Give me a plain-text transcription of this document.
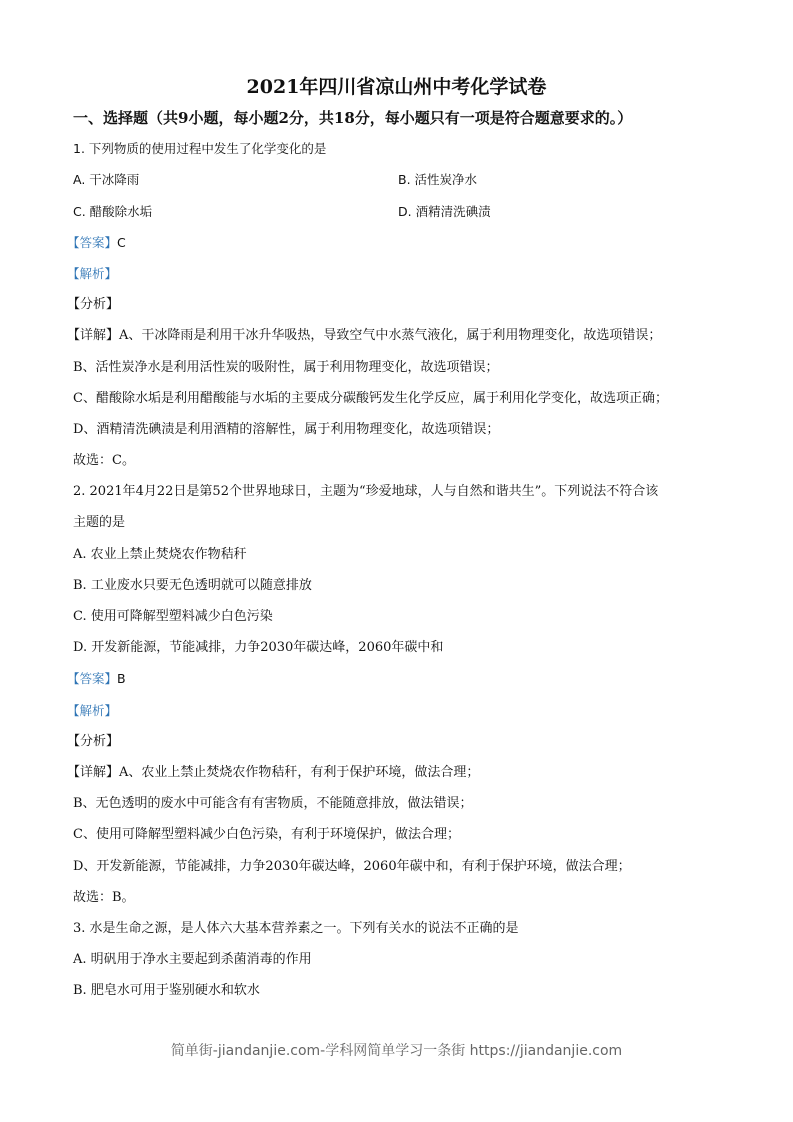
2021年四川省凉山州中考化学试卷
一、选择题（共9小题，每小题2分，共18分，每小题只有一项是符合题意要求的。）
1. 下列物质的使用过程中发生了化学变化的是
A. 干冰降雨	B. 活性炭净水
C. 醋酸除水垢	D. 酒精清洗碘渍
【答案】C
【解析】
【分析】
【详解】A、干冰降雨是利用干冰升华吸热，导致空气中水蒸气液化，属于利用物理变化，故选项错误；
B、活性炭净水是利用活性炭的吸附性，属于利用物理变化，故选项错误；
C、醋酸除水垢是利用醋酸能与水垢的主要成分碳酸钙发生化学反应，属于利用化学变化，故选项正确；
D、酒精清洗碘渍是利用酒精的溶解性，属于利用物理变化，故选项错误；
故选：C。
2. 2021年4月22日是第52个世界地球日，主题为“珍爱地球，人与自然和谐共生”。下列说法不符合该
主题的是
A. 农业上禁止焚烧农作物秸秆
B. 工业废水只要无色透明就可以随意排放
C. 使用可降解型塑料减少白色污染
D. 开发新能源，节能减排，力争2030年碳达峰，2060年碳中和
【答案】B
【解析】
【分析】
【详解】A、农业上禁止焚烧农作物秸秆，有利于保护环境，做法合理；
B、无色透明的废水中可能含有有害物质，不能随意排放，做法错误；
C、使用可降解型塑料减少白色污染，有利于环境保护，做法合理；
D、开发新能源，节能减排，力争2030年碳达峰，2060年碳中和，有利于保护环境，做法合理；
故选：B。
3. 水是生命之源，是人体六大基本营养素之一。下列有关水的说法不正确的是
A. 明矾用于净水主要起到杀菌消毒的作用
B. 肥皂水可用于鉴别硬水和软水
简单街-jiandanjie.com-学科网简单学习一条街 https://jiandanjie.com
